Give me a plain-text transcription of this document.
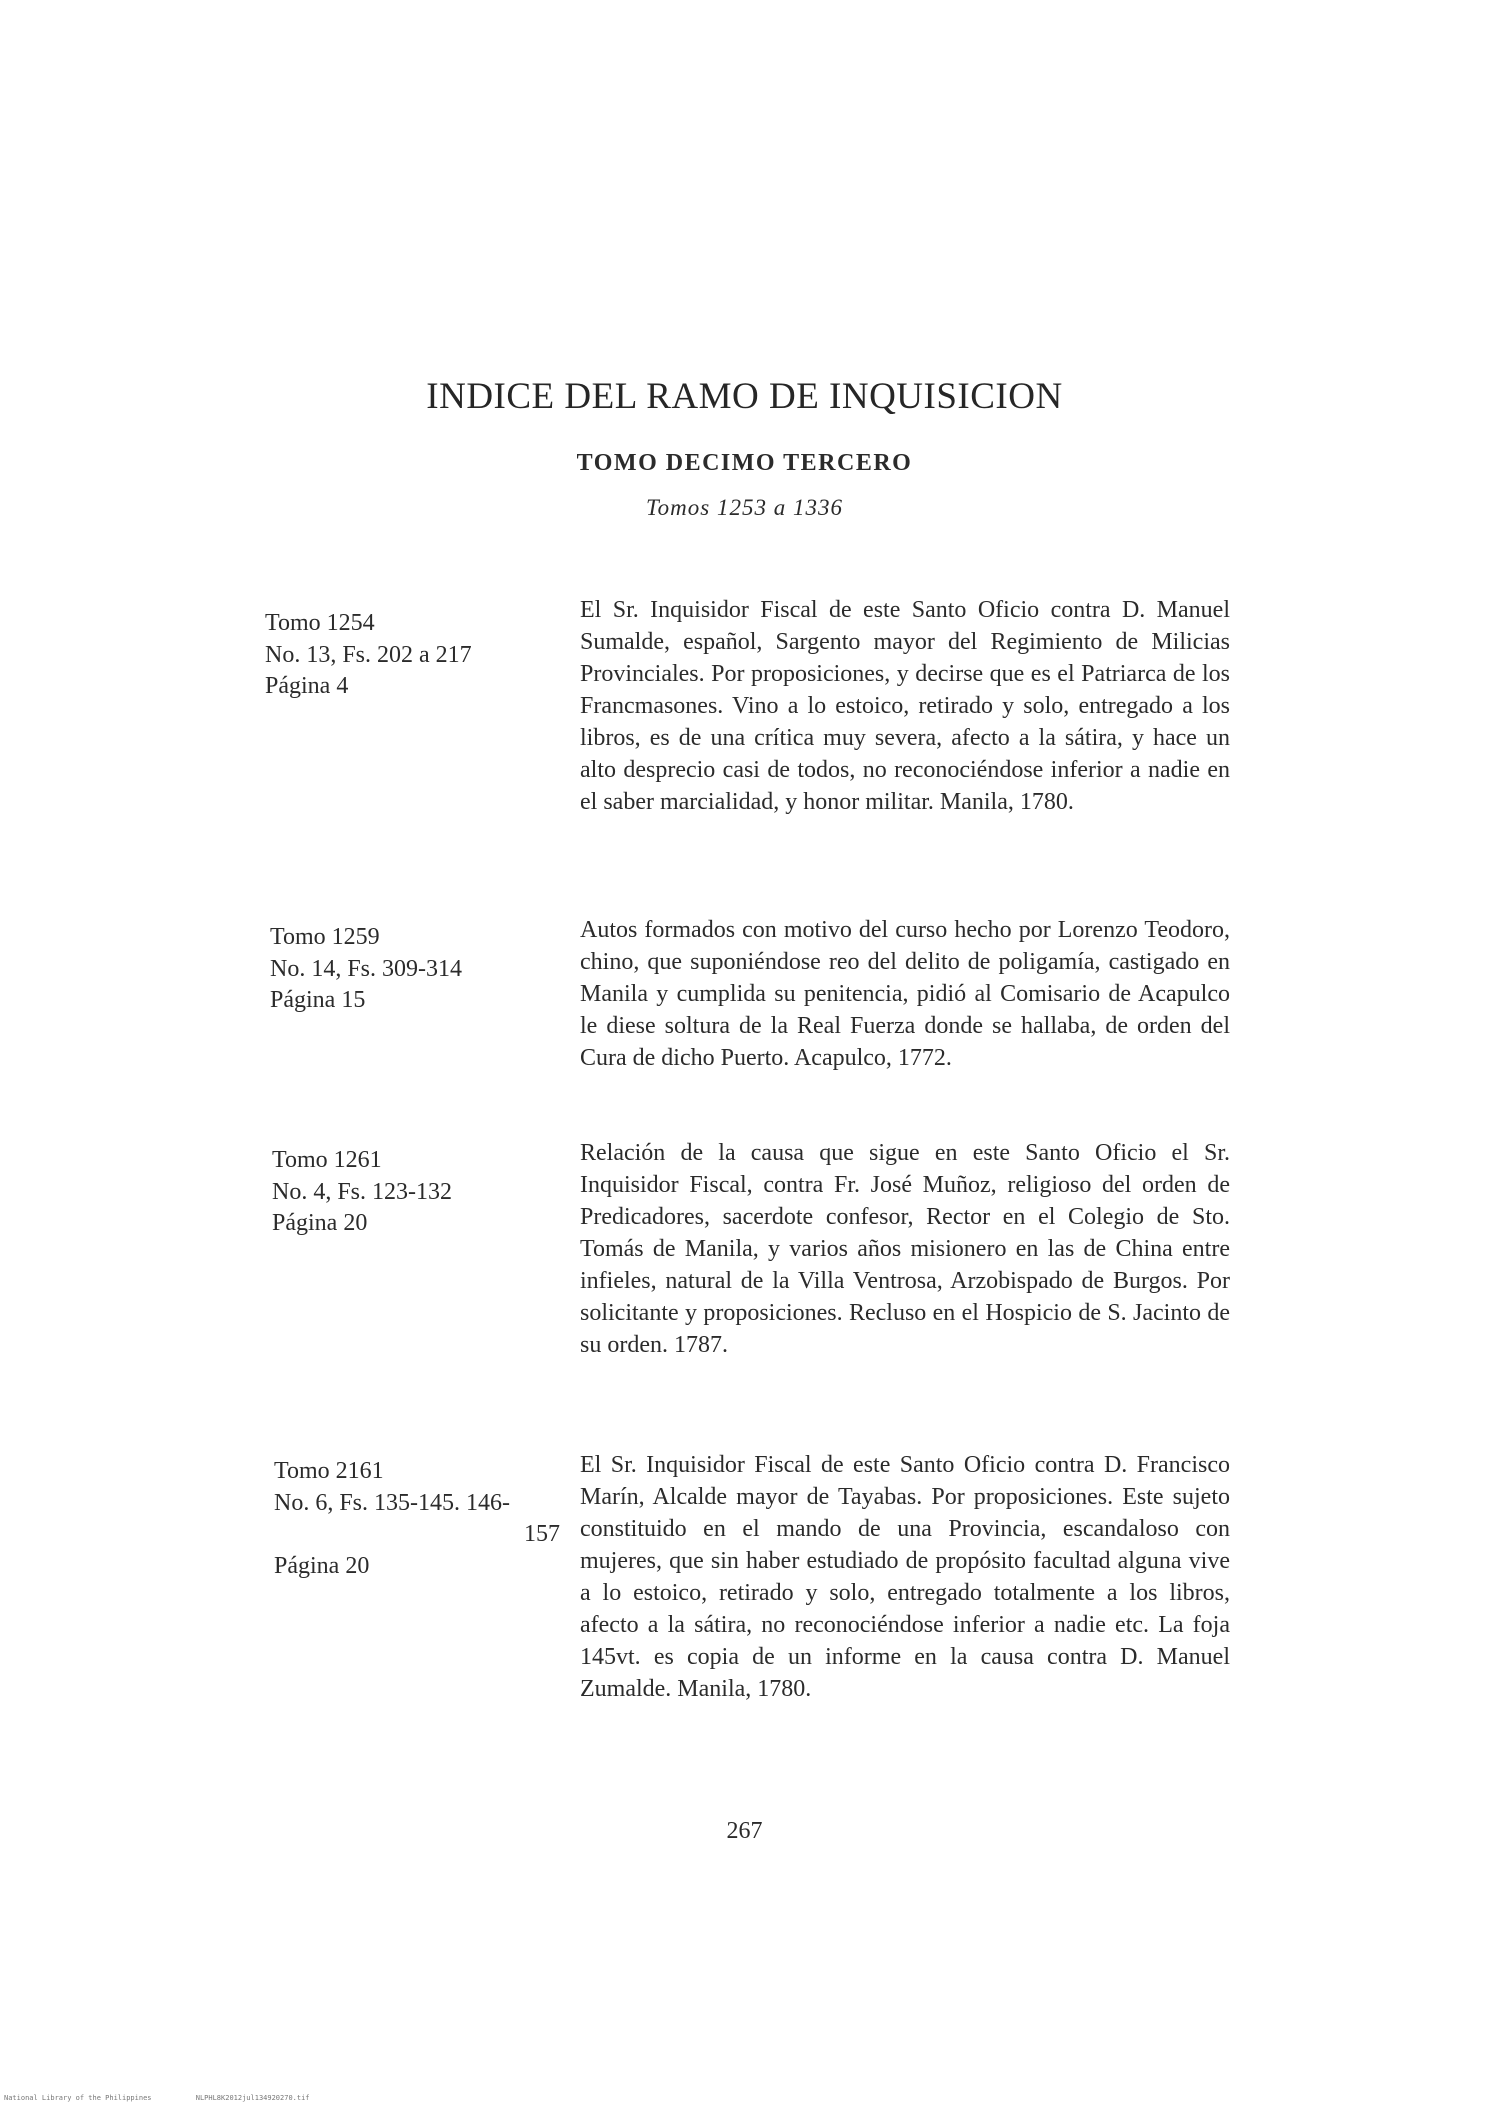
INDICE DEL RAMO DE INQUISICION
TOMO DECIMO TERCERO
Tomos 1253 a 1336
Tomo 1254
No. 13, Fs. 202 a 217
Página 4
El Sr. Inquisidor Fiscal de este Santo Oficio contra D. Manuel Sumalde, español, Sargento mayor del Regimiento de Milicias Provinciales. Por proposiciones, y decirse que es el Patriarca de los Francmasones. Vino a lo estoico, retirado y solo, entregado a los libros, es de una crítica muy severa, afecto a la sátira, y hace un alto desprecio casi de todos, no reconociéndose inferior a nadie en el saber marcialidad, y honor militar. Manila, 1780.
Tomo 1259
No. 14, Fs. 309-314
Página 15
Autos formados con motivo del curso hecho por Lorenzo Teodoro, chino, que suponiéndose reo del delito de poligamía, castigado en Manila y cumplida su penitencia, pidió al Comisario de Acapulco le diese soltura de la Real Fuerza donde se hallaba, de orden del Cura de dicho Puerto. Acapulco, 1772.
Tomo 1261
No. 4, Fs. 123-132
Página 20
Relación de la causa que sigue en este Santo Oficio el Sr. Inquisidor Fiscal, contra Fr. José Muñoz, religioso del orden de Predicadores, sacerdote confesor, Rector en el Colegio de Sto. Tomás de Manila, y varios años misionero en las de China entre infieles, natural de la Villa Ventrosa, Arzobispado de Burgos. Por solicitante y proposiciones. Recluso en el Hospicio de S. Jacinto de su orden. 1787.
Tomo 2161
No. 6, Fs. 135-145. 146-
157
Página 20
El Sr. Inquisidor Fiscal de este Santo Oficio contra D. Francisco Marín, Alcalde mayor de Tayabas. Por proposiciones. Este sujeto constituido en el mando de una Provincia, escandaloso con mujeres, que sin haber estudiado de propósito facultad alguna vive a lo estoico, retirado y solo, entregado totalmente a los libros, afecto a la sátira, no reconociéndose inferior a nadie etc. La foja 145vt. es copia de un informe en la causa contra D. Manuel Zumalde. Manila, 1780.
267
National Library of the Philippines	NLPHL8K2012jul134920270.tif
